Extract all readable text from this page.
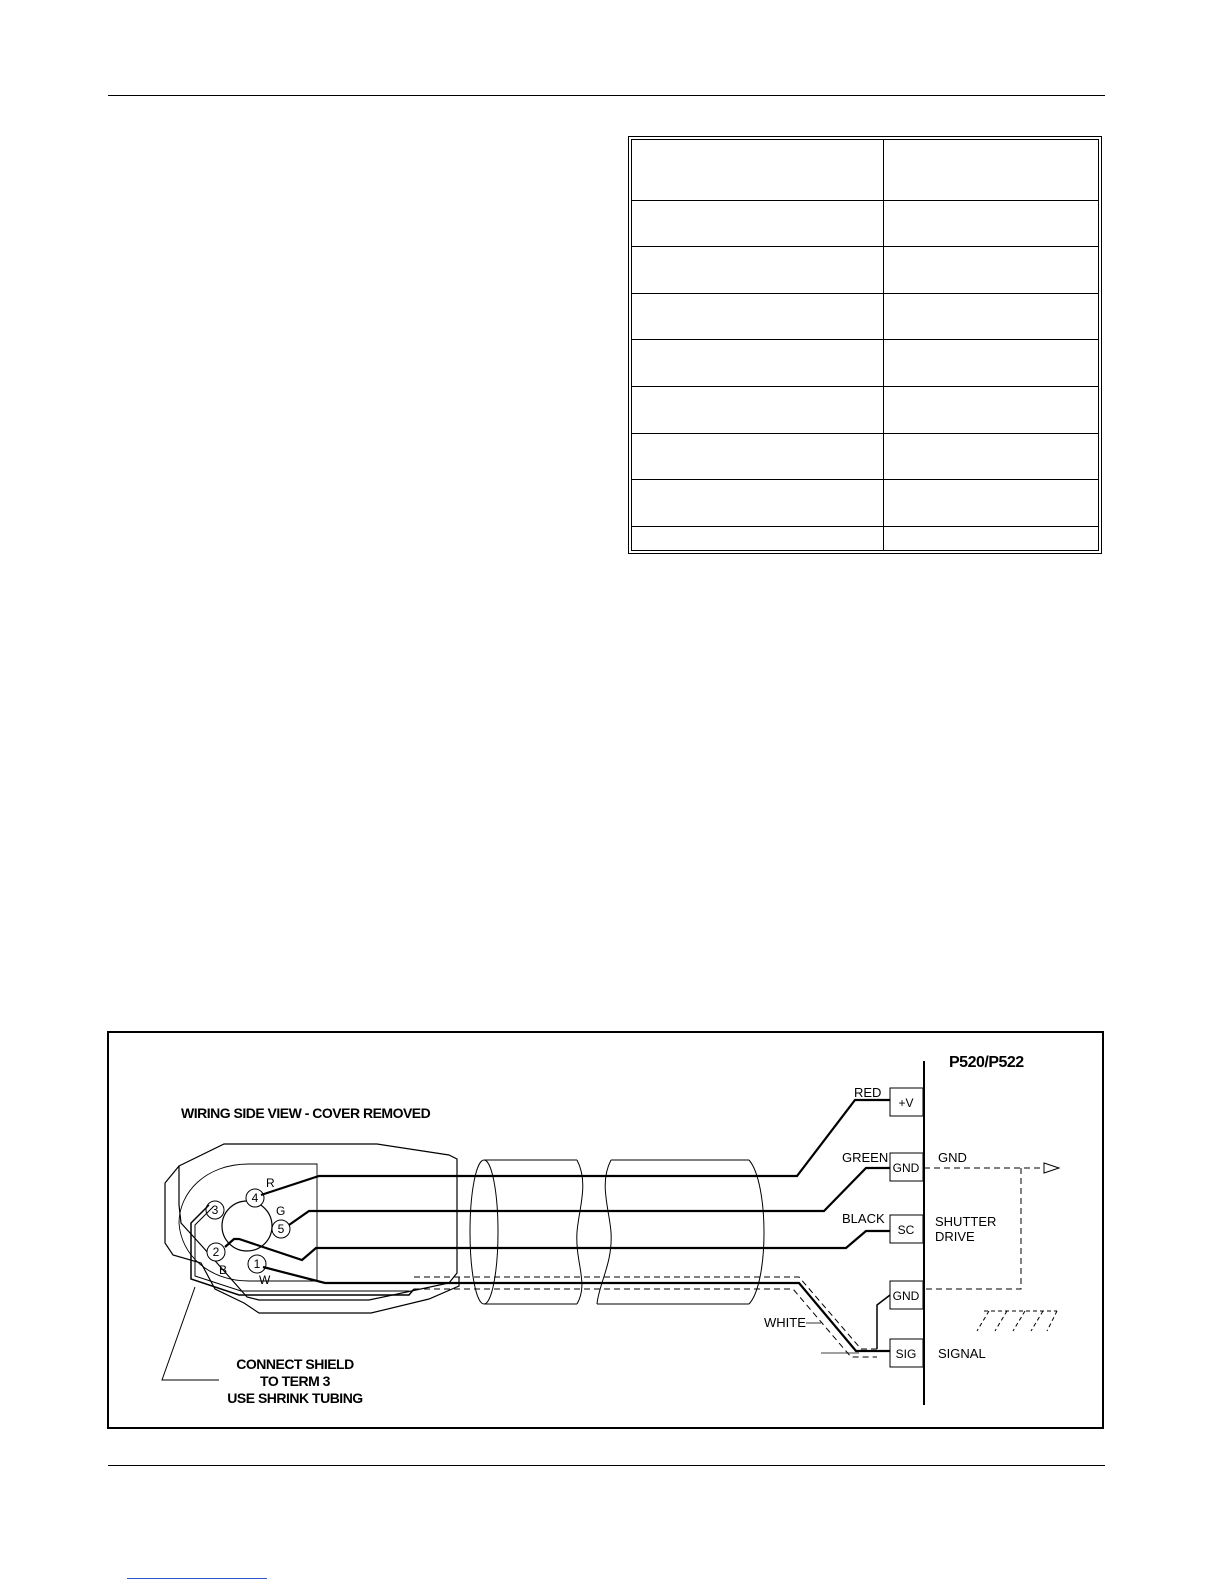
WIRING SIDE VIEW - COVER REMOVED
4
R
3
5
G
2
B 1
W
P520/P522
+V
GND
SC
GND
SIG
RED
GREEN
BLACK
WHITE
GND
SHUTTER
DRIVE
SIGNAL
CONNECT SHIELD
TO TERM 3
USE SHRINK TUBING
